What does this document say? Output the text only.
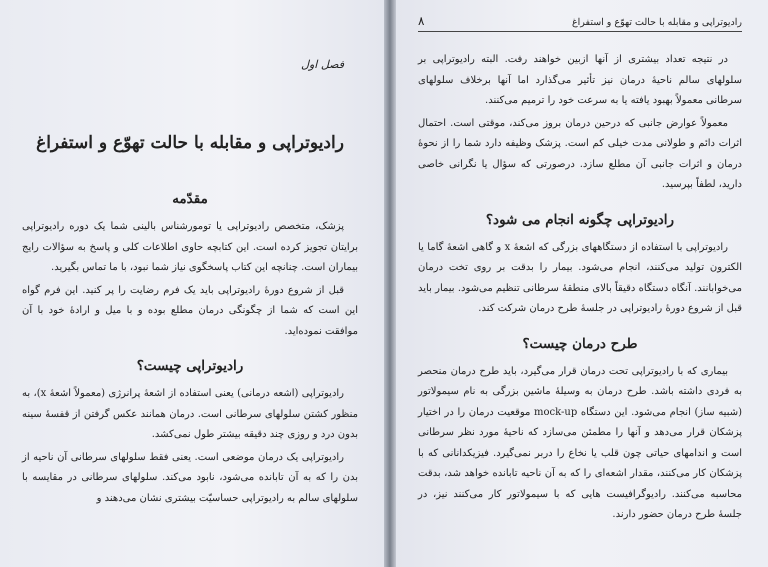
فصل اول
رادیوتراپی و مقابله با حالت تهوّع و استفراغ
مقدّمه

پزشک، متخصص رادیوتراپی یا تومورشناس بالینی شما یک دوره رادیوتراپی برایتان تجویز کرده است. این کتابچه حاوی اطلاعات کلی و پاسخ به سؤالات رایج بیماران است. چنانچه این کتاب پاسخگوی نیاز شما نبود، با ما تماس بگیرید.

قبل از شروع دورهٔ رادیوتراپی باید یک فرم رضایت را پر کنید. این فرم گواه این است که شما از چگونگی درمان مطلع بوده و با میل و ارادهٔ خود با آن موافقت نموده‌اید.

رادیوتراپی چیست؟

رادیوتراپی (اشعه درمانی) یعنی استفاده از اشعهٔ پرانرژی (معمولاً اشعهٔ x)، به منظور کشتن سلولهای سرطانی است. درمان همانند عکس گرفتن از قفسهٔ سینه بدون درد و روزی چند دقیقه بیشتر طول نمی‌کشد.

رادیوتراپی یک درمان موضعی است. یعنی فقط سلولهای سرطانی آن ناحیه از بدن را که به آن تابانده می‌شود، نابود می‌کند. سلولهای سرطانی در مقایسه با سلولهای سالم به رادیوتراپی حساسیّت بیشتری نشان می‌دهند و

رادیوتراپی و مقابله با حالت تهوّع و استفراغ
۸

در نتیجه تعداد بیشتری از آنها ازبین خواهند رفت. البته رادیوتراپی بر سلولهای سالم ناحیهٔ درمان نیز تأثیر می‌گذارد اما آنها برخلاف سلولهای سرطانی معمولاً بهبود یافته یا به سرعت خود را ترمیم می‌کنند.

معمولاً عوارض جانبی که درحین درمان بروز می‌کند، موقتی است. احتمال اثرات دائم و طولانی مدت خیلی کم است. پزشک وظیفه دارد شما را از نحوهٔ درمان و اثرات جانبی آن مطلع سازد. درصورتی که سؤال یا نگرانی خاصی دارید، لطفاً بپرسید.

رادیوتراپی چگونه انجام می شود؟

رادیوتراپی با استفاده از دستگاههای بزرگی که اشعهٔ x و گاهی اشعهٔ گاما یا الکترون تولید می‌کنند، انجام می‌شود. بیمار را بدقت بر روی تخت درمان می‌خوابانند. آنگاه دستگاه دقیقاً بالای منطقهٔ سرطانی تنظیم می‌شود. بیمار باید قبل از شروع دورهٔ رادیوتراپی در جلسهٔ طرح درمان شرکت کند.

طرح درمان چیست؟

بیماری که با رادیوتراپی تحت درمان قرار می‌گیرد، باید طرح درمان منحصر به فردی داشته باشد. طرح درمان به وسیلهٔ ماشین بزرگی به نام سیمولاتور (شبیه ساز) انجام می‌شود. این دستگاه mock-up موقعیت درمان را در اختیار پزشکان قرار می‌دهد و آنها را مطمئن می‌سازد که ناحیهٔ مورد نظر سرطانی است و اندامهای حیاتی چون قلب یا نخاع را دربر نمی‌گیرد. فیزیکدانانی که با پزشکان کار می‌کنند، مقدار اشعه‌ای را که به آن ناحیه تابانده خواهد شد، بدقت محاسبه می‌کنند. رادیوگرافیست هایی که با سیمولاتور کار می‌کنند نیز، در جلسهٔ طرح درمان حضور دارند.
